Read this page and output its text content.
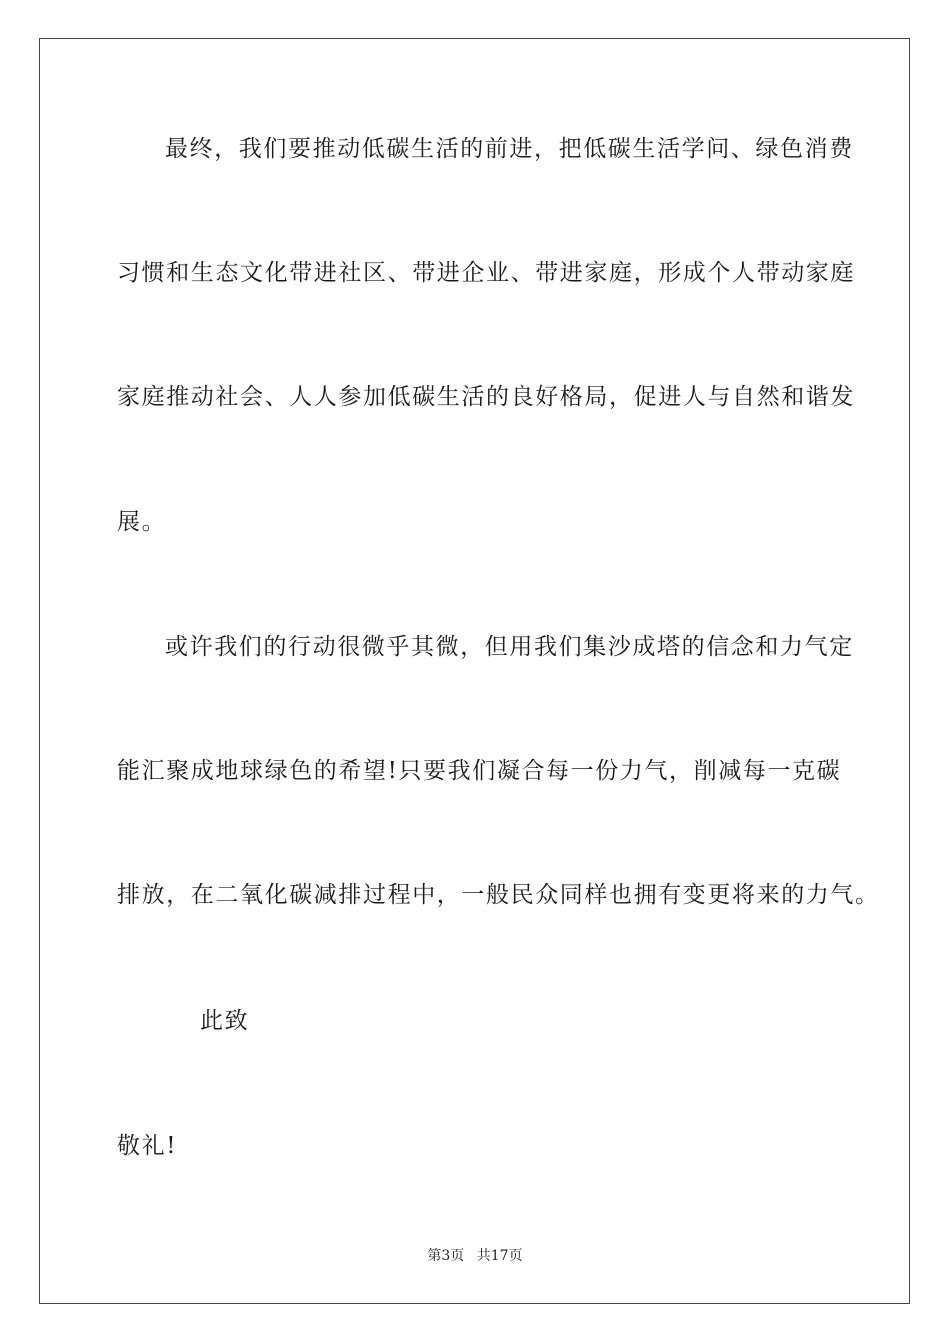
最终，我们要推动低碳生活的前进，把低碳生活学问、绿色消费
习惯和生态文化带进社区、带进企业、带进家庭，形成个人带动家庭
家庭推动社会、人人参加低碳生活的良好格局，促进人与自然和谐发
展。
或许我们的行动很微乎其微，但用我们集沙成塔的信念和力气定
能汇聚成地球绿色的希望!只要我们凝合每一份力气，削减每一克碳
排放，在二氧化碳减排过程中，一般民众同样也拥有变更将来的力气。
此致
敬礼!
第3页 共17页
